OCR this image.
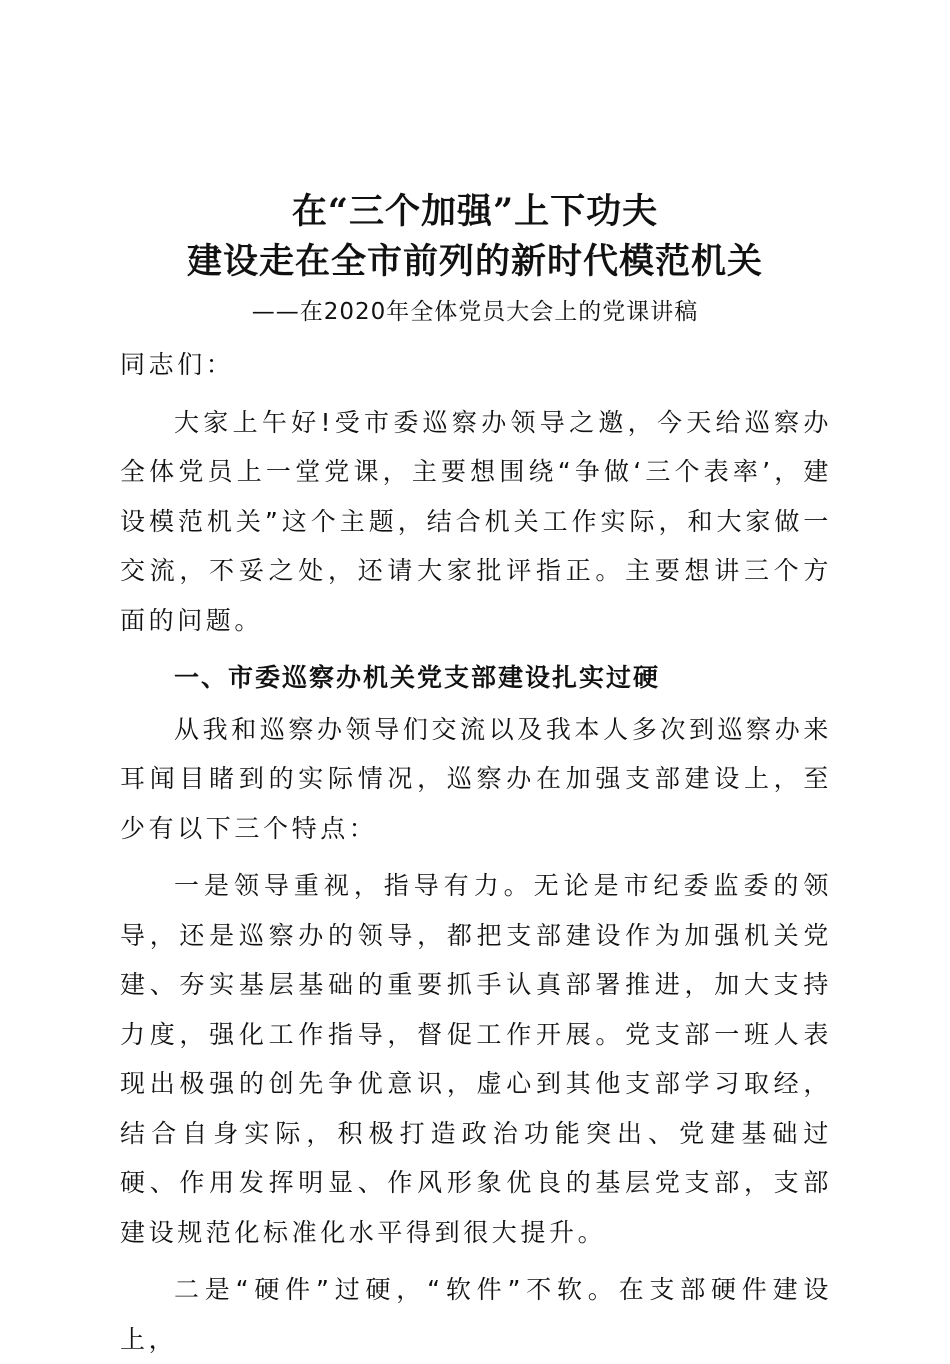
在“三个加强”上下功夫
建设走在全市前列的新时代模范机关
——在2020年全体党员大会上的党课讲稿

同志们：

大家上午好!受市委巡察办领导之邀，今天给巡察办全体党员上一堂党课，主要想围绕“争做‘三个表率’，建设模范机关”这个主题，结合机关工作实际，和大家做一交流，不妥之处，还请大家批评指正。主要想讲三个方面的问题。

一、市委巡察办机关党支部建设扎实过硬

从我和巡察办领导们交流以及我本人多次到巡察办来耳闻目睹到的实际情况，巡察办在加强支部建设上，至少有以下三个特点：

一是领导重视，指导有力。无论是市纪委监委的领导，还是巡察办的领导，都把支部建设作为加强机关党建、夯实基层基础的重要抓手认真部署推进，加大支持力度，强化工作指导，督促工作开展。党支部一班人表现出极强的创先争优意识，虚心到其他支部学习取经，结合自身实际，积极打造政治功能突出、党建基础过硬、作用发挥明显、作风形象优良的基层党支部，支部建设规范化标准化水平得到很大提升。

二是“硬件”过硬，“软件”不软。在支部硬件建设上，
